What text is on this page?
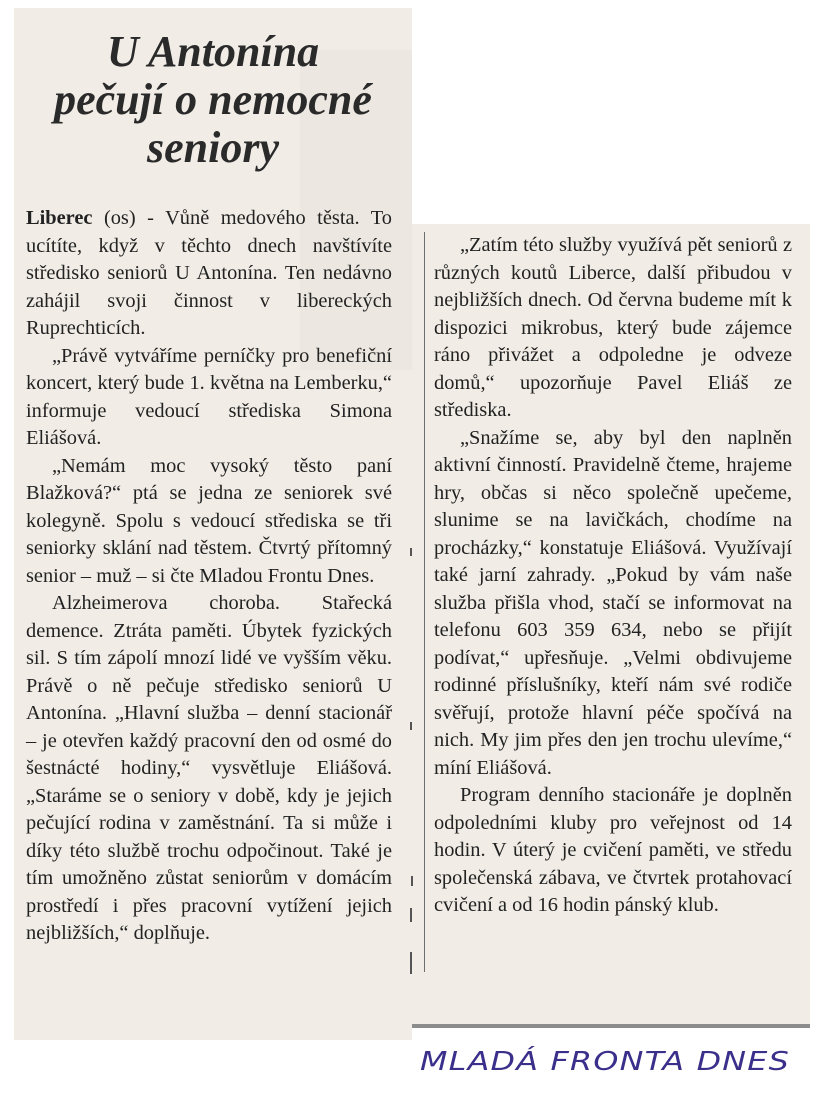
U Antonína
pečují o nemocné
seniory

Liberec (os) - Vůně medového těsta. To ucítíte, když v těchto dnech navštívíte středisko seniorů U Antonína. Ten nedávno zahájil svoji činnost v libereckých Ruprechticích.

„Právě vytváříme perníčky pro benefiční koncert, který bude 1. května na Lemberku,“ informuje vedoucí střediska Simona Eliášová.

„Nemám moc vysoký těsto paní Blažková?“ ptá se jedna ze seniorek své kolegyně. Spolu s vedoucí střediska se tři seniorky sklání nad těstem. Čtvrtý přítomný senior – muž – si čte Mladou Frontu Dnes.

Alzheimerova choroba. Stařecká demence. Ztráta paměti. Úbytek fyzických sil. S tím zápolí mnozí lidé ve vyšším věku. Právě o ně pečuje středisko seniorů U Antonína. „Hlavní služba – denní stacionář – je otevřen každý pracovní den od osmé do šestnácté hodiny,“ vysvětluje Eliášová. „Staráme se o seniory v době, kdy je jejich pečující rodina v zaměstnání. Ta si může i díky této službě trochu odpočinout. Také je tím umožněno zůstat seniorům v domácím prostředí i přes pracovní vytížení jejich nejbližších,“ doplňuje.

„Zatím této služby využívá pět seniorů z různých koutů Liberce, další přibudou v nejbližších dnech. Od června budeme mít k dispozici mikrobus, který bude zájemce ráno přivážet a odpoledne je odveze domů,“ upozorňuje Pavel Eliáš ze střediska.

„Snažíme se, aby byl den naplněn aktivní činností. Pravidelně čteme, hrajeme hry, občas si něco společně upečeme, slunime se na lavičkách, chodíme na procházky,“ konstatuje Eliášová. Využívají také jarní zahrady. „Pokud by vám naše služba přišla vhod, stačí se informovat na telefonu 603 359 634, nebo se přijít podívat,“ upřesňuje. „Velmi obdivujeme rodinné příslušníky, kteří nám své rodiče svěřují, protože hlavní péče spočívá na nich. My jim přes den jen trochu ulevíme,“ míní Eliášová.

Program denního stacionáře je doplněn odpoledními kluby pro veřejnost od 14 hodin. V úterý je cvičení paměti, ve středu společenská zábava, ve čtvrtek protahovací cvičení a od 16 hodin pánský klub.

MLADÁ FRONTA DNES
